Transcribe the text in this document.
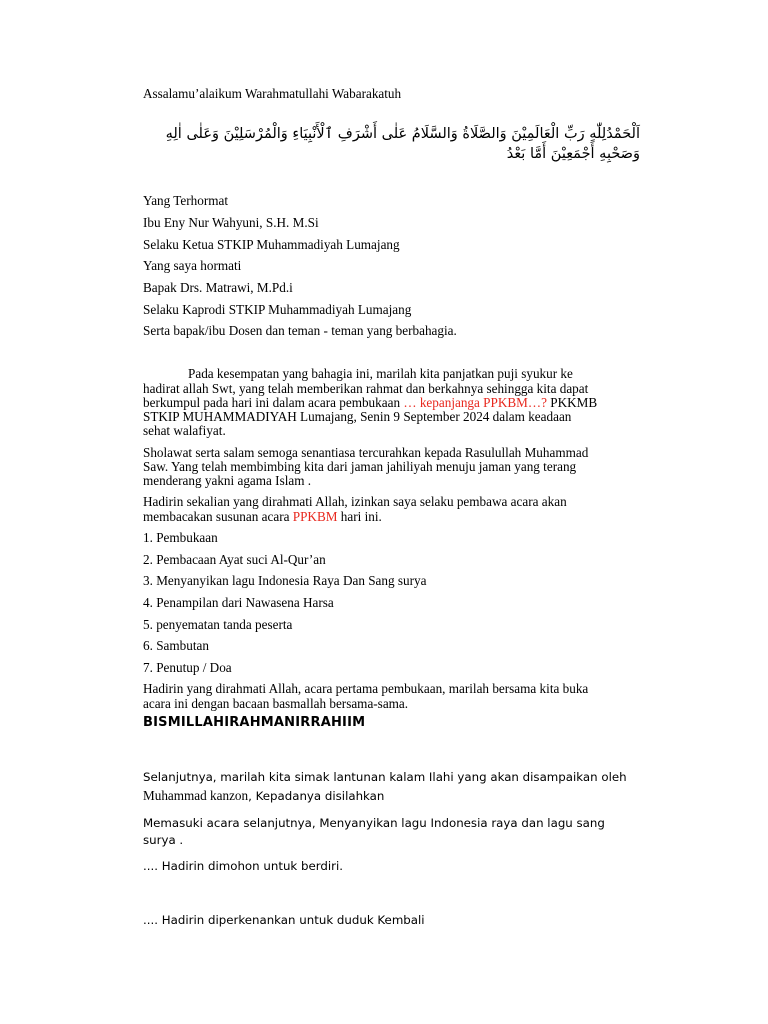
Assalamu’alaikum Warahmatullahi Wabarakatuh

اَلْحَمْدُلِلّٰهِ رَبِّ الْعَالَمِيْنَ وَالصَّلَاةُ وَالسَّلَامُ عَلٰى أَشْرَفِ ٱلْأَنْبِيَاءِ وَالْمُرْسَلِيْنَ وَعَلٰى اٰلِهِ وَصَحْبِهِ أَجْمَعِيْنَ أَمَّا بَعْدُ

Yang Terhormat

Ibu Eny Nur Wahyuni, S.H. M.Si

Selaku Ketua STKIP Muhammadiyah Lumajang

Yang saya hormati

Bapak Drs. Matrawi, M.Pd.i

Selaku Kaprodi STKIP Muhammadiyah Lumajang

Serta bapak/ibu Dosen dan teman - teman yang berbahagia.

Pada kesempatan yang bahagia ini, marilah kita panjatkan puji syukur ke

hadirat allah Swt, yang telah memberikan rahmat dan berkahnya sehingga kita dapat

berkumpul pada hari ini dalam acara pembukaan … kepanjanga PPKBM…? PKKMB

STKIP MUHAMMADIYAH Lumajang, Senin 9 September 2024 dalam keadaan

sehat walafiyat.

Sholawat serta salam semoga senantiasa tercurahkan kepada Rasulullah Muhammad

Saw. Yang telah membimbing kita dari jaman jahiliyah menuju jaman yang terang

menderang yakni agama Islam .

Hadirin sekalian yang dirahmati Allah, izinkan saya selaku pembawa acara akan

membacakan susunan acara PPKBM hari ini.

1. Pembukaan

2. Pembacaan Ayat suci Al-Qur’an

3. Menyanyikan lagu Indonesia Raya Dan Sang surya

4. Penampilan dari Nawasena Harsa

5. penyematan tanda peserta

6. Sambutan

7. Penutup / Doa

Hadirin yang dirahmati Allah, acara pertama pembukaan, marilah bersama kita buka

acara ini dengan bacaan basmallah bersama-sama.

BISMILLAHIRAHMANIRRAHIIM

Selanjutnya, marilah kita simak lantunan kalam Ilahi yang akan disampaikan oleh

Muhammad kanzon, Kepadanya disilahkan

Memasuki acara selanjutnya, Menyanyikan lagu Indonesia raya dan lagu sang

surya .

.... Hadirin dimohon untuk berdiri.

.... Hadirin diperkenankan untuk duduk Kembali
